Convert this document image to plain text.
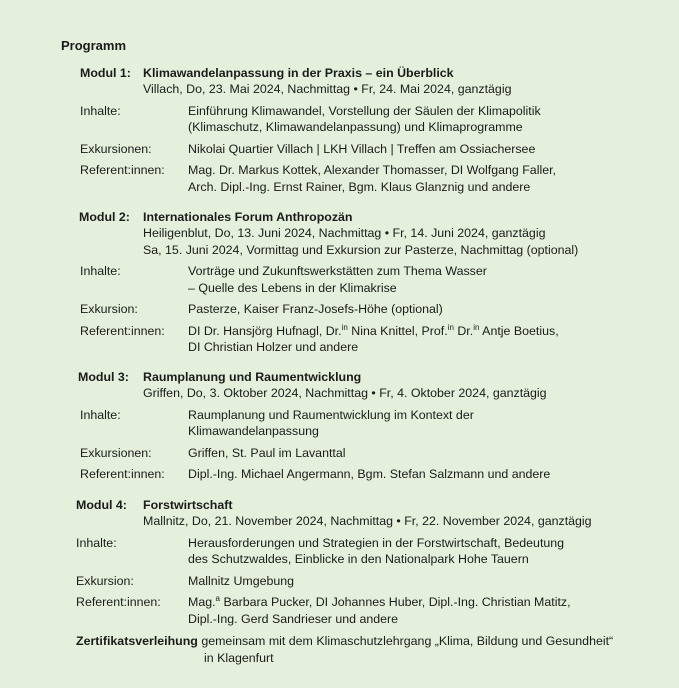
Programm
Modul 1: Klimawandelanpassung in der Praxis – ein Überblick
Villach, Do, 23. Mai 2024, Nachmittag • Fr, 24. Mai 2024, ganztägig
Inhalte:	Einführung Klimawandel, Vorstellung der Säulen der Klimapolitik
(Klimaschutz, Klimawandelanpassung) und Klimaprogramme
Exkursionen:	Nikolai Quartier Villach | LKH Villach | Treffen am Ossiachersee
Referent:innen: Mag. Dr. Markus Kottek, Alexander Thomasser, DI Wolfgang Faller,
Arch. Dipl.-Ing. Ernst Rainer, Bgm. Klaus Glanznig und andere
Modul 2: Internationales Forum Anthropozän
Heiligenblut, Do, 13. Juni 2024, Nachmittag • Fr, 14. Juni 2024, ganztägig
Sa, 15. Juni 2024, Vormittag und Exkursion zur Pasterze, Nachmittag (optional)
Inhalte:	Vorträge und Zukunftswerkstätten zum Thema Wasser
– Quelle des Lebens in der Klimakrise
Exkursion:	Pasterze, Kaiser Franz-Josefs-Höhe (optional)
Referent:innen: DI Dr. Hansjörg Hufnagl, Dr.$^{in}$ Nina Knittel, Prof.$^{in}$ Dr.$^{in}$ Antje Boetius,
DI Christian Holzer und andere
Modul 3: Raumplanung und Raumentwicklung
Griffen, Do, 3. Oktober 2024, Nachmittag • Fr, 4. Oktober 2024, ganztägig
Inhalte:	Raumplanung und Raumentwicklung im Kontext der
Klimawandelanpassung
Exkursionen:	Griffen, St. Paul im Lavanttal
Referent:innen: Dipl.-Ing. Michael Angermann, Bgm. Stefan Salzmann und andere
Modul 4: Forstwirtschaft
Mallnitz, Do, 21. November 2024, Nachmittag • Fr, 22. November 2024, ganztägig
Inhalte:	Herausforderungen und Strategien in der Forstwirtschaft, Bedeutung
des Schutzwaldes, Einblicke in den Nationalpark Hohe Tauern
Exkursion:	Mallnitz Umgebung
Referent:innen: Mag.$^a$ Barbara Pucker, DI Johannes Huber, Dipl.-Ing. Christian Matitz,
Dipl.-Ing. Gerd Sandrieser und andere
Zertifikatsverleihung gemeinsam mit dem Klimaschutzlehrgang „Klima, Bildung und Gesundheit“
in Klagenfurt
